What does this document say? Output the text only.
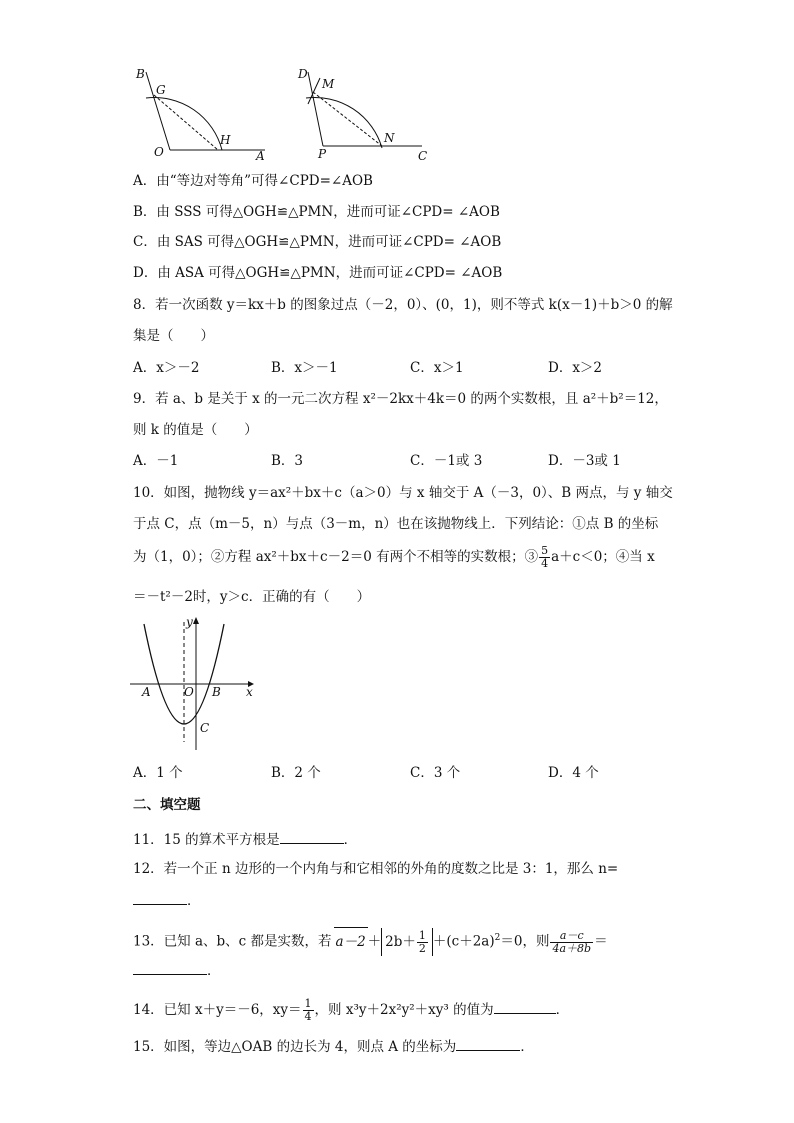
B
G
O
H
A
D
M
P
N
C
A．由“等边对等角”可得∠CPD=∠AOB
B．由 SSS 可得△OGH≌△PMN，进而可证∠CPD= ∠AOB
C．由 SAS 可得△OGH≌△PMN，进而可证∠CPD= ∠AOB
D．由 ASA 可得△OGH≌△PMN，进而可证∠CPD= ∠AOB
8．若一次函数 y＝kx＋b 的图象过点（－2，0）、(0，1)，则不等式 k(x－1)＋b＞0 的解
集是（　　）
A．x＞－2	B．x＞－1	C．x＞1	D．x＞2
9．若 a、b 是关于 x 的一元二次方程 x²－2kx＋4k＝0 的两个实数根，且 a²＋b²＝12，
则 k 的值是（　　）
A．－1	B．3	C．－1或 3	D．－3或 1
10．如图，抛物线 y＝ax²＋bx＋c（a＞0）与 x 轴交于 A（－3，0）、B 两点，与 y 轴交
于点 C，点（m－5，n）与点（3－m，n）也在该抛物线上．下列结论：①点 B 的坐标
为（1，0）；②方程 ax²＋bx＋c－2＝0 有两个不相等的实数根；③ $\frac{5}{4} a+c<0$；④当 x
＝－t²－2时，y＞c．正确的有（　　）
y
A	O B x
C
A．1 个	B．2 个	C．3 个	D．4 个
二、填空题
11．15 的算术平方根是	．
12．若一个正 n 边形的一个内角与和它相邻的外角的度数之比是 3：1，那么 n=
．
13．已知 a、b、c 都是实数，若 $a-2 + 2b+ \frac{1}{2} +(c+2a)^2=0$，则 $\frac{a-c}{4a+8b}$ ＝
．
14．已知 x＋y＝－6，$xy= \frac{1}{4}$ ，则 x³y＋2x²y²＋xy³ 的值为	．
15．如图，等边△OAB 的边长为 4，则点 A 的坐标为	．
